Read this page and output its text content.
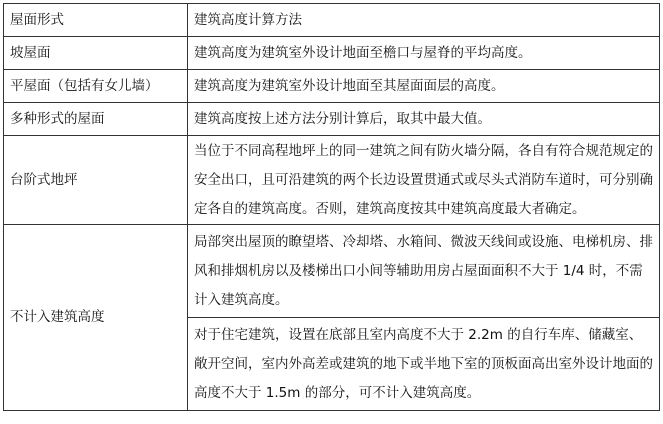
屋面形式	建筑高度计算方法
坡屋面	建筑高度为建筑室外设计地面至檐口与屋脊的平均高度。
平屋面（包括有女儿墙）	建筑高度为建筑室外设计地面至其屋面面层的高度。
多种形式的屋面	建筑高度按上述方法分别计算后，取其中最大值。
台阶式地坪	当位于不同高程地坪上的同一建筑之间有防火墙分隔，各自有符合规范规定的安全出口，且可沿建筑的两个长边设置贯通式或尽头式消防车道时，可分别确定各自的建筑高度。否则，建筑高度按其中建筑高度最大者确定。
不计入建筑高度	局部突出屋顶的瞭望塔、冷却塔、水箱间、微波天线间或设施、电梯机房、排风和排烟机房以及楼梯出口小间等辅助用房占屋面面积不大于 1/4 时，不需计入建筑高度。
	对于住宅建筑，设置在底部且室内高度不大于 2.2m 的自行车库、储藏室、敞开空间，室内外高差或建筑的地下或半地下室的顶板面高出室外设计地面的高度不大于 1.5m 的部分，可不计入建筑高度。
